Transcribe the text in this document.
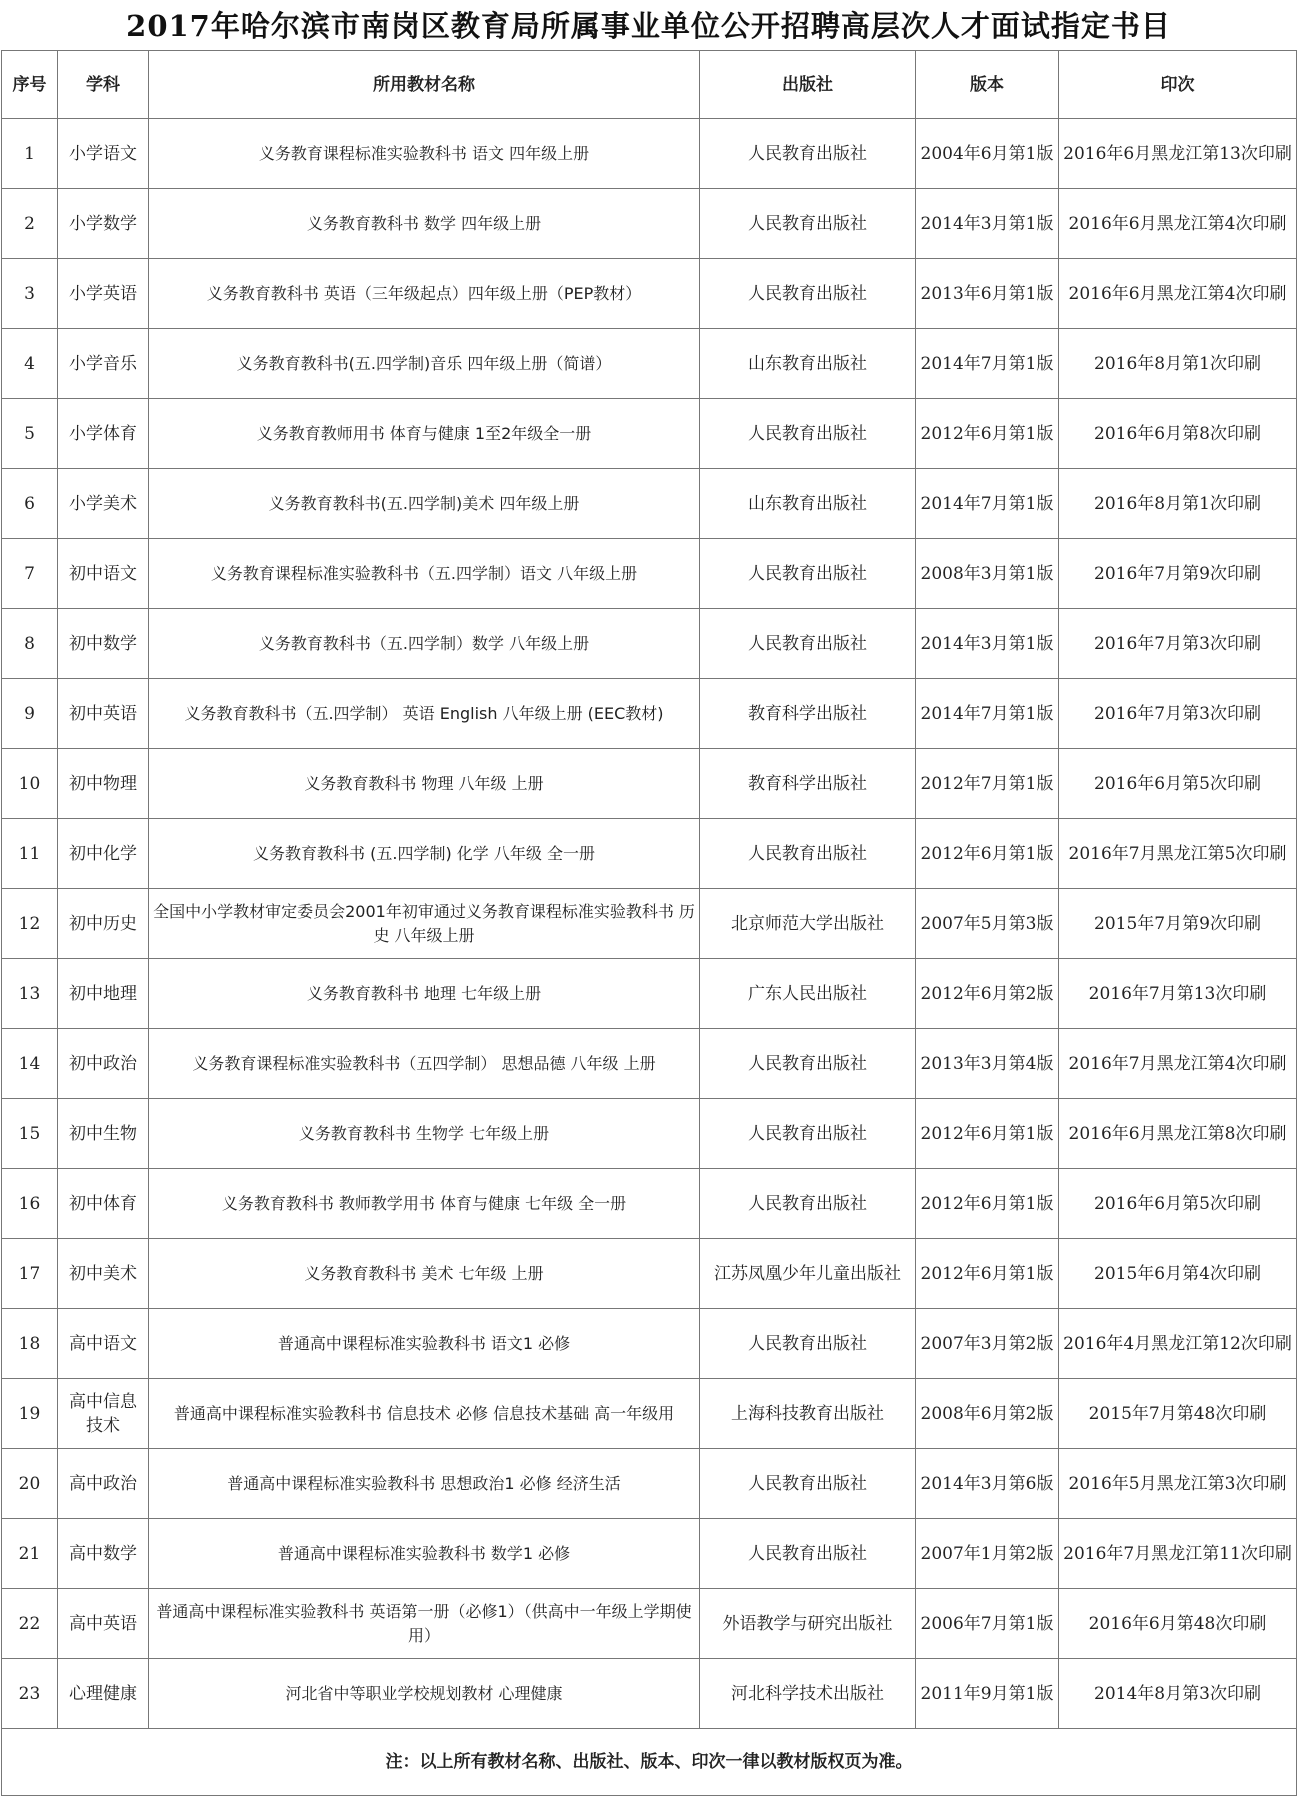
2017年哈尔滨市南岗区教育局所属事业单位公开招聘高层次人才面试指定书目
序号	学科	所用教材名称	出版社	版本	印次
1	小学语文	义务教育课程标准实验教科书 语文 四年级上册	人民教育出版社	2004年6月第1版	2016年6月黑龙江第13次印刷
2	小学数学	义务教育教科书 数学 四年级上册	人民教育出版社	2014年3月第1版	2016年6月黑龙江第4次印刷
3	小学英语	义务教育教科书 英语（三年级起点）四年级上册（PEP教材）	人民教育出版社	2013年6月第1版	2016年6月黑龙江第4次印刷
4	小学音乐	义务教育教科书(五.四学制)音乐 四年级上册（简谱）	山东教育出版社	2014年7月第1版	2016年8月第1次印刷
5	小学体育	义务教育教师用书 体育与健康 1至2年级全一册	人民教育出版社	2012年6月第1版	2016年6月第8次印刷
6	小学美术	义务教育教科书(五.四学制)美术 四年级上册	山东教育出版社	2014年7月第1版	2016年8月第1次印刷
7	初中语文	义务教育课程标准实验教科书（五.四学制）语文 八年级上册	人民教育出版社	2008年3月第1版	2016年7月第9次印刷
8	初中数学	义务教育教科书（五.四学制）数学 八年级上册	人民教育出版社	2014年3月第1版	2016年7月第3次印刷
9	初中英语	义务教育教科书（五.四学制） 英语 English 八年级上册 (EEC教材)	教育科学出版社	2014年7月第1版	2016年7月第3次印刷
10	初中物理	义务教育教科书 物理 八年级 上册	教育科学出版社	2012年7月第1版	2016年6月第5次印刷
11	初中化学	义务教育教科书 (五.四学制) 化学 八年级 全一册	人民教育出版社	2012年6月第1版	2016年7月黑龙江第5次印刷
12	初中历史	全国中小学教材审定委员会2001年初审通过义务教育课程标准实验教科书 历史 八年级上册	北京师范大学出版社	2007年5月第3版	2015年7月第9次印刷
13	初中地理	义务教育教科书 地理 七年级上册	广东人民出版社	2012年6月第2版	2016年7月第13次印刷
14	初中政治	义务教育课程标准实验教科书（五四学制） 思想品德 八年级 上册	人民教育出版社	2013年3月第4版	2016年7月黑龙江第4次印刷
15	初中生物	义务教育教科书 生物学 七年级上册	人民教育出版社	2012年6月第1版	2016年6月黑龙江第8次印刷
16	初中体育	义务教育教科书 教师教学用书 体育与健康 七年级 全一册	人民教育出版社	2012年6月第1版	2016年6月第5次印刷
17	初中美术	义务教育教科书 美术 七年级 上册	江苏凤凰少年儿童出版社	2012年6月第1版	2015年6月第4次印刷
18	高中语文	普通高中课程标准实验教科书 语文1 必修	人民教育出版社	2007年3月第2版	2016年4月黑龙江第12次印刷
19	高中信息技术	普通高中课程标准实验教科书 信息技术 必修 信息技术基础 高一年级用	上海科技教育出版社	2008年6月第2版	2015年7月第48次印刷
20	高中政治	普通高中课程标准实验教科书 思想政治1 必修 经济生活	人民教育出版社	2014年3月第6版	2016年5月黑龙江第3次印刷
21	高中数学	普通高中课程标准实验教科书 数学1 必修	人民教育出版社	2007年1月第2版	2016年7月黑龙江第11次印刷
22	高中英语	普通高中课程标准实验教科书 英语第一册（必修1）（供高中一年级上学期使用）	外语教学与研究出版社	2006年7月第1版	2016年6月第48次印刷
23	心理健康	河北省中等职业学校规划教材 心理健康	河北科学技术出版社	2011年9月第1版	2014年8月第3次印刷
注：以上所有教材名称、出版社、版本、印次一律以教材版权页为准。					
